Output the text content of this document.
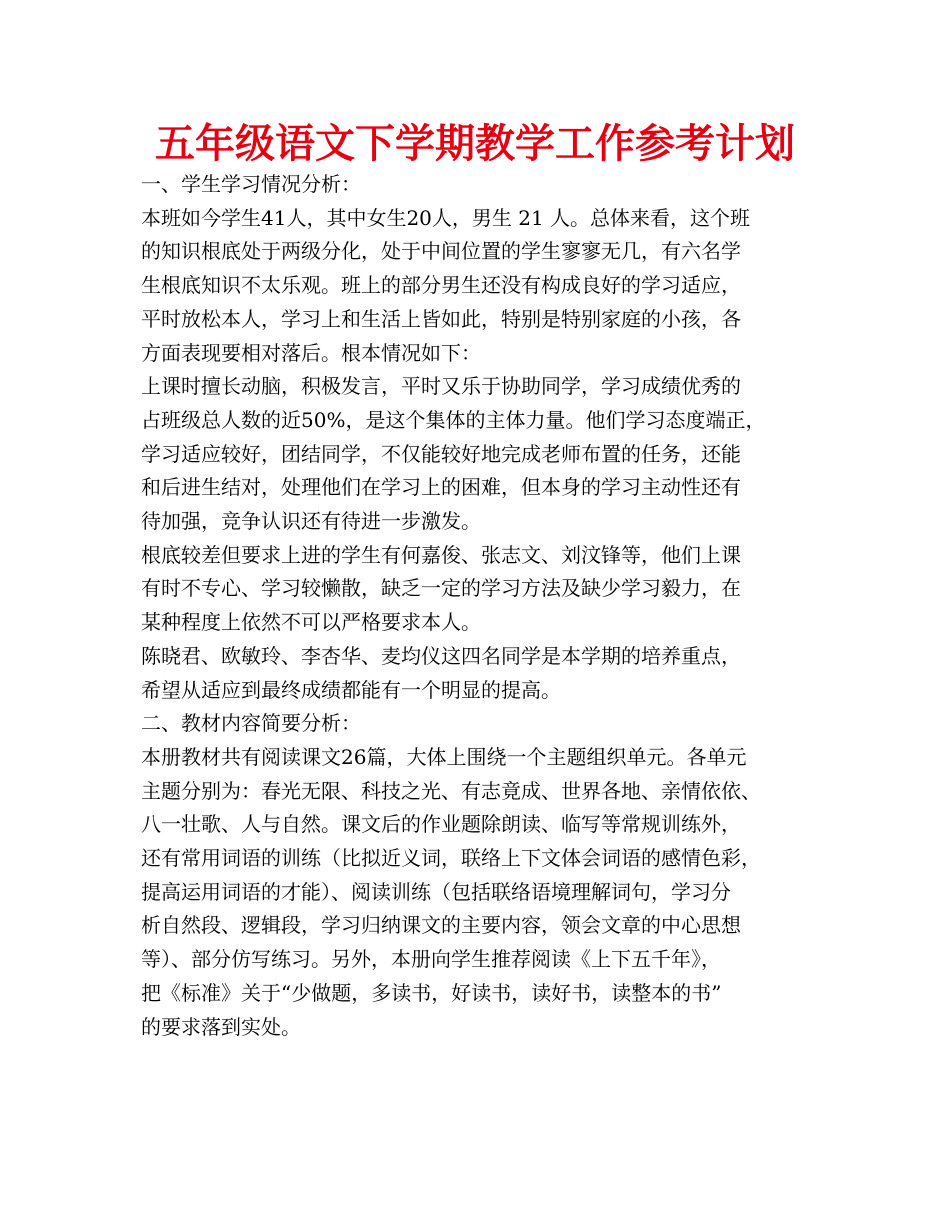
五年级语文下学期教学工作参考计划
一、学生学习情况分析：
本班如今学生41人，其中女生20人，男生 21 人。总体来看，这个班
的知识根底处于两级分化，处于中间位置的学生寥寥无几，有六名学
生根底知识不太乐观。班上的部分男生还没有构成良好的学习适应，
平时放松本人，学习上和生活上皆如此，特别是特别家庭的小孩，各
方面表现要相对落后。根本情况如下：
上课时擅长动脑，积极发言，平时又乐于协助同学，学习成绩优秀的
占班级总人数的近50%，是这个集体的主体力量。他们学习态度端正，
学习适应较好，团结同学，不仅能较好地完成老师布置的任务，还能
和后进生结对，处理他们在学习上的困难，但本身的学习主动性还有
待加强，竞争认识还有待进一步激发。
根底较差但要求上进的学生有何嘉俊、张志文、刘汶锋等，他们上课
有时不专心、学习较懒散，缺乏一定的学习方法及缺少学习毅力，在
某种程度上依然不可以严格要求本人。
陈晓君、欧敏玲、李杏华、麦均仪这四名同学是本学期的培养重点，
希望从适应到最终成绩都能有一个明显的提高。
二、教材内容简要分析：
本册教材共有阅读课文26篇，大体上围绕一个主题组织单元。各单元
主题分别为：春光无限、科技之光、有志竟成、世界各地、亲情依依、
八一壮歌、人与自然。课文后的作业题除朗读、临写等常规训练外，
还有常用词语的训练（比拟近义词，联络上下文体会词语的感情色彩，
提高运用词语的才能）、阅读训练（包括联络语境理解词句，学习分
析自然段、逻辑段，学习归纳课文的主要内容，领会文章的中心思想
等）、部分仿写练习。另外，本册向学生推荐阅读《上下五千年》，
把《标准》关于“少做题，多读书，好读书，读好书，读整本的书”
的要求落到实处。
